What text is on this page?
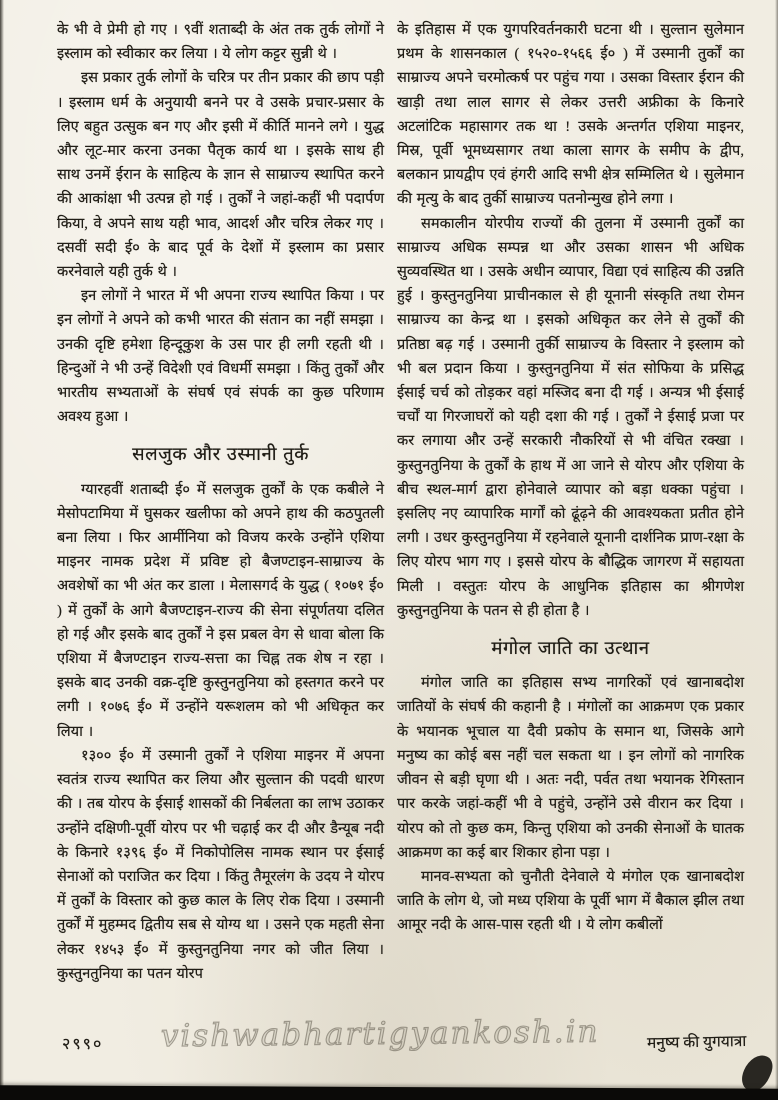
के भी वे प्रेमी हो गए । ९वीं शताब्दी के अंत तक तुर्क लोगों ने इस्लाम को स्वीकार कर लिया । ये लोग कट्टर सुन्नी थे ।

इस प्रकार तुर्क लोगों के चरित्र पर तीन प्रकार की छाप पड़ी । इस्लाम धर्म के अनुयायी बनने पर वे उसके प्रचार-प्रसार के लिए बहुत उत्सुक बन गए और इसी में कीर्ति मानने लगे । युद्ध और लूट-मार करना उनका पैतृक कार्य था । इसके साथ ही साथ उनमें ईरान के साहित्य के ज्ञान से साम्राज्य स्थापित करने की आकांक्षा भी उत्पन्न हो गई । तुर्कों ने जहां-कहीं भी पदार्पण किया, वे अपने साथ यही भाव, आदर्श और चरित्र लेकर गए । दसवीं सदी ई० के बाद पूर्व के देशों में इस्लाम का प्रसार करनेवाले यही तुर्क थे ।

इन लोगों ने भारत में भी अपना राज्य स्थापित किया । पर इन लोगों ने अपने को कभी भारत की संतान का नहीं समझा । उनकी दृष्टि हमेशा हिन्दूकुश के उस पार ही लगी रहती थी । हिन्दुओं ने भी उन्हें विदेशी एवं विधर्मी समझा । किंतु तुर्कों और भारतीय सभ्यताओं के संघर्ष एवं संपर्क का कुछ परिणाम अवश्य हुआ ।

सलजुक और उस्मानी तुर्क

ग्यारहवीं शताब्दी ई० में सलजुक तुर्कों के एक कबीले ने मेसोपटामिया में घुसकर खलीफा को अपने हाथ की कठपुतली बना लिया । फिर आर्मीनिया को विजय करके उन्होंने एशिया माइनर नामक प्रदेश में प्रविष्ट हो बैजण्टाइन-साम्राज्य के अवशेषों का भी अंत कर डाला । मेलासगर्द के युद्ध ( १०७१ ई० ) में तुर्कों के आगे बैजण्टाइन-राज्य की सेना संपूर्णतया दलित हो गई और इसके बाद तुर्कों ने इस प्रबल वेग से धावा बोला कि एशिया में बैजण्टाइन राज्य-सत्ता का चिह्न तक शेष न रहा । इसके बाद उनकी वक्र-दृष्टि कुस्तुनतुनिया को हस्तगत करने पर लगी । १०७६ ई० में उन्होंने यरूशलम को भी अधिकृत कर लिया ।

१३०० ई० में उस्मानी तुर्कों ने एशिया माइनर में अपना स्वतंत्र राज्य स्थापित कर लिया और सुल्तान की पदवी धारण की । तब योरप के ईसाई शासकों की निर्बलता का लाभ उठाकर उन्होंने दक्षिणी-पूर्वी योरप पर भी चढ़ाई कर दी और डैन्यूब नदी के किनारे १३९६ ई० में निकोपोलिस नामक स्थान पर ईसाई सेनाओं को पराजित कर दिया । किंतु तैमूरलंग के उदय ने योरप में तुर्कों के विस्तार को कुछ काल के लिए रोक दिया । उस्मानी तुर्कों में मुहम्मद द्वितीय सब से योग्य था । उसने एक महती सेना लेकर १४५३ ई० में कुस्तुनतुनिया नगर को जीत लिया । कुस्तुनतुनिया का पतन योरप

के इतिहास में एक युगपरिवर्तनकारी घटना थी । सुल्तान सुलेमान प्रथम के शासनकाल ( १५२०-१५६६ ई० ) में उस्मानी तुर्कों का साम्राज्य अपने चरमोत्कर्ष पर पहुंच गया । उसका विस्तार ईरान की खाड़ी तथा लाल सागर से लेकर उत्तरी अफ्रीका के किनारे अटलांटिक महासागर तक था ! उसके अन्तर्गत एशिया माइनर, मिस्र, पूर्वी भूमध्यसागर तथा काला सागर के समीप के द्वीप, बलकान प्रायद्वीप एवं हंगरी आदि सभी क्षेत्र सम्मिलित थे । सुलेमान की मृत्यु के बाद तुर्की साम्राज्य पतनोन्मुख होने लगा ।

समकालीन योरपीय राज्यों की तुलना में उस्मानी तुर्कों का साम्राज्य अधिक सम्पन्न था और उसका शासन भी अधिक सुव्यवस्थित था । उसके अधीन व्यापार, विद्या एवं साहित्य की उन्नति हुई । कुस्तुनतुनिया प्राचीनकाल से ही यूनानी संस्कृति तथा रोमन साम्राज्य का केन्द्र था । इसको अधिकृत कर लेने से तुर्कों की प्रतिष्ठा बढ़ गई । उस्मानी तुर्की साम्राज्य के विस्तार ने इस्लाम को भी बल प्रदान किया । कुस्तुनतुनिया में संत सोफिया के प्रसिद्ध ईसाई चर्च को तोड़कर वहां मस्जिद बना दी गई । अन्यत्र भी ईसाई चर्चों या गिरजाघरों को यही दशा की गई । तुर्कों ने ईसाई प्रजा पर कर लगाया और उन्हें सरकारी नौकरियों से भी वंचित रक्खा । कुस्तुनतुनिया के तुर्कों के हाथ में आ जाने से योरप और एशिया के बीच स्थल-मार्ग द्वारा होनेवाले व्यापार को बड़ा धक्का पहुंचा । इसलिए नए व्यापारिक मार्गों को ढूंढ़ने की आवश्यकता प्रतीत होने लगी । उधर कुस्तुनतुनिया में रहनेवाले यूनानी दार्शनिक प्राण-रक्षा के लिए योरप भाग गए । इससे योरप के बौद्धिक जागरण में सहायता मिली । वस्तुतः योरप के आधुनिक इतिहास का श्रीगणेश कुस्तुनतुनिया के पतन से ही होता है ।

मंगोल जाति का उत्थान

मंगोल जाति का इतिहास सभ्य नागरिकों एवं खानाबदोश जातियों के संघर्ष की कहानी है । मंगोलों का आक्रमण एक प्रकार के भयानक भूचाल या दैवी प्रकोप के समान था, जिसके आगे मनुष्य का कोई बस नहीं चल सकता था । इन लोगों को नागरिक जीवन से बड़ी घृणा थी । अतः नदी, पर्वत तथा भयानक रेगिस्तान पार करके जहां-कहीं भी वे पहुंचे, उन्होंने उसे वीरान कर दिया । योरप को तो कुछ कम, किन्तु एशिया को उनकी सेनाओं के घातक आक्रमण का कई बार शिकार होना पड़ा ।

मानव-सभ्यता को चुनौती देनेवाले ये मंगोल एक खानाबदोश जाति के लोग थे, जो मध्य एशिया के पूर्वी भाग में बैकाल झील तथा आमूर नदी के आस-पास रहती थी । ये लोग कबीलों

२९९० vishwabhartigyankosh.in	मनुष्य की युगयात्रा
